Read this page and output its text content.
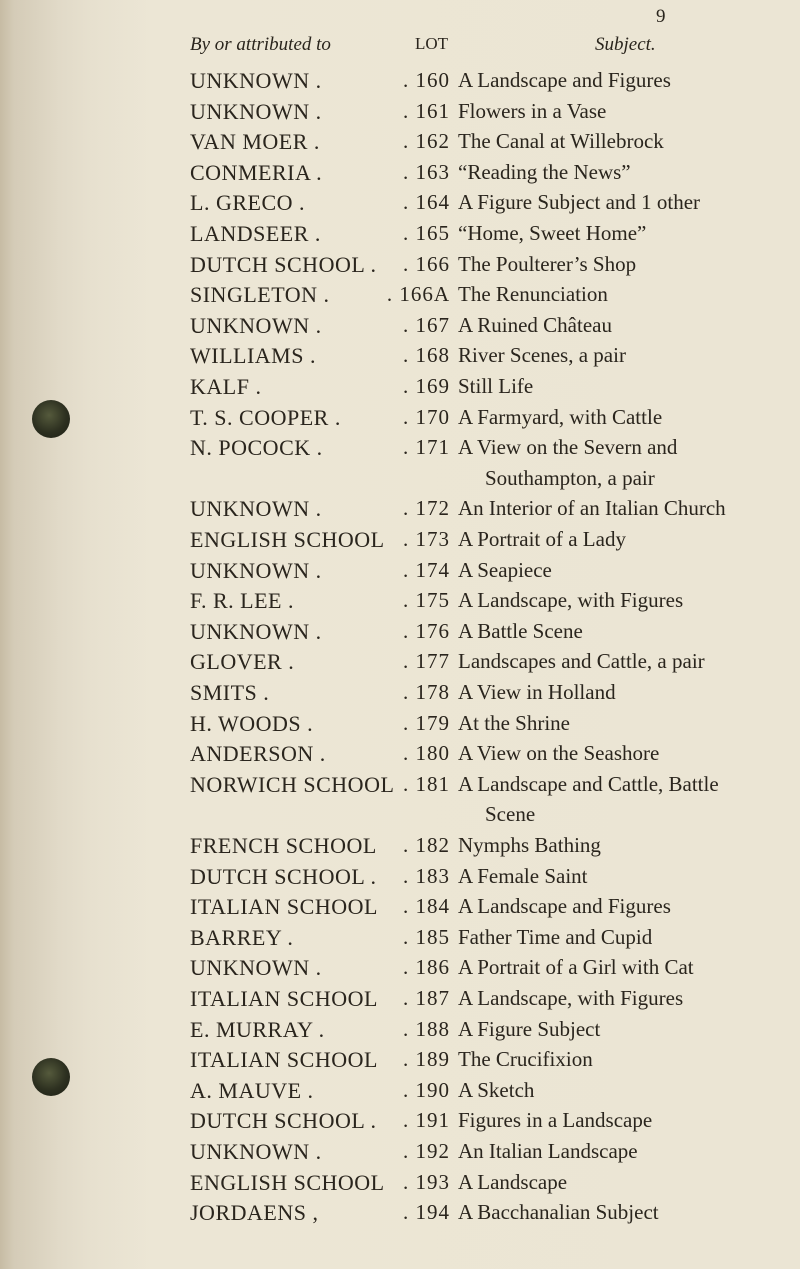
9
By or attributed to	LOT	Subject.
UNKNOWN .	. 160 A Landscape and Figures
UNKNOWN .	. 161 Flowers in a Vase
VAN MOER .	. 162 The Canal at Willebrock
CONMERIA .	. 163 “Reading the News”
L. GRECO .	. 164 A Figure Subject and 1 other
LANDSEER .	. 165 “Home, Sweet Home”
DUTCH SCHOOL .	. 166 The Poulterer’s Shop
SINGLETON .	. 166A The Renunciation
UNKNOWN .	. 167 A Ruined Château
WILLIAMS .	. 168 River Scenes, a pair
KALF .	. 169 Still Life
T. S. COOPER .	. 170 A Farmyard, with Cattle
N. POCOCK .	. 171 A View on the Severn and
Southampton, a pair
UNKNOWN .	. 172 An Interior of an Italian Church
ENGLISH SCHOOL . 173 A Portrait of a Lady
UNKNOWN .	. 174 A Seapiece
F. R. LEE .	. 175 A Landscape, with Figures
UNKNOWN .	. 176 A Battle Scene
GLOVER .	. 177 Landscapes and Cattle, a pair
SMITS .	. 178 A View in Holland
H. WOODS .	. 179 At the Shrine
ANDERSON .	. 180 A View on the Seashore
NORWICH SCHOOL . 181 A Landscape and Cattle, Battle
Scene
FRENCH SCHOOL	. 182 Nymphs Bathing
DUTCH SCHOOL .	. 183 A Female Saint
ITALIAN SCHOOL	. 184 A Landscape and Figures
BARREY .	. 185 Father Time and Cupid
UNKNOWN .	. 186 A Portrait of a Girl with Cat
ITALIAN SCHOOL	. 187 A Landscape, with Figures
E. MURRAY .	. 188 A Figure Subject
ITALIAN SCHOOL	. 189 The Crucifixion
A. MAUVE .	. 190 A Sketch
DUTCH SCHOOL .	. 191 Figures in a Landscape
UNKNOWN .	. 192 An Italian Landscape
ENGLISH SCHOOL . 193 A Landscape
JORDAENS ,	. 194 A Bacchanalian Subject
